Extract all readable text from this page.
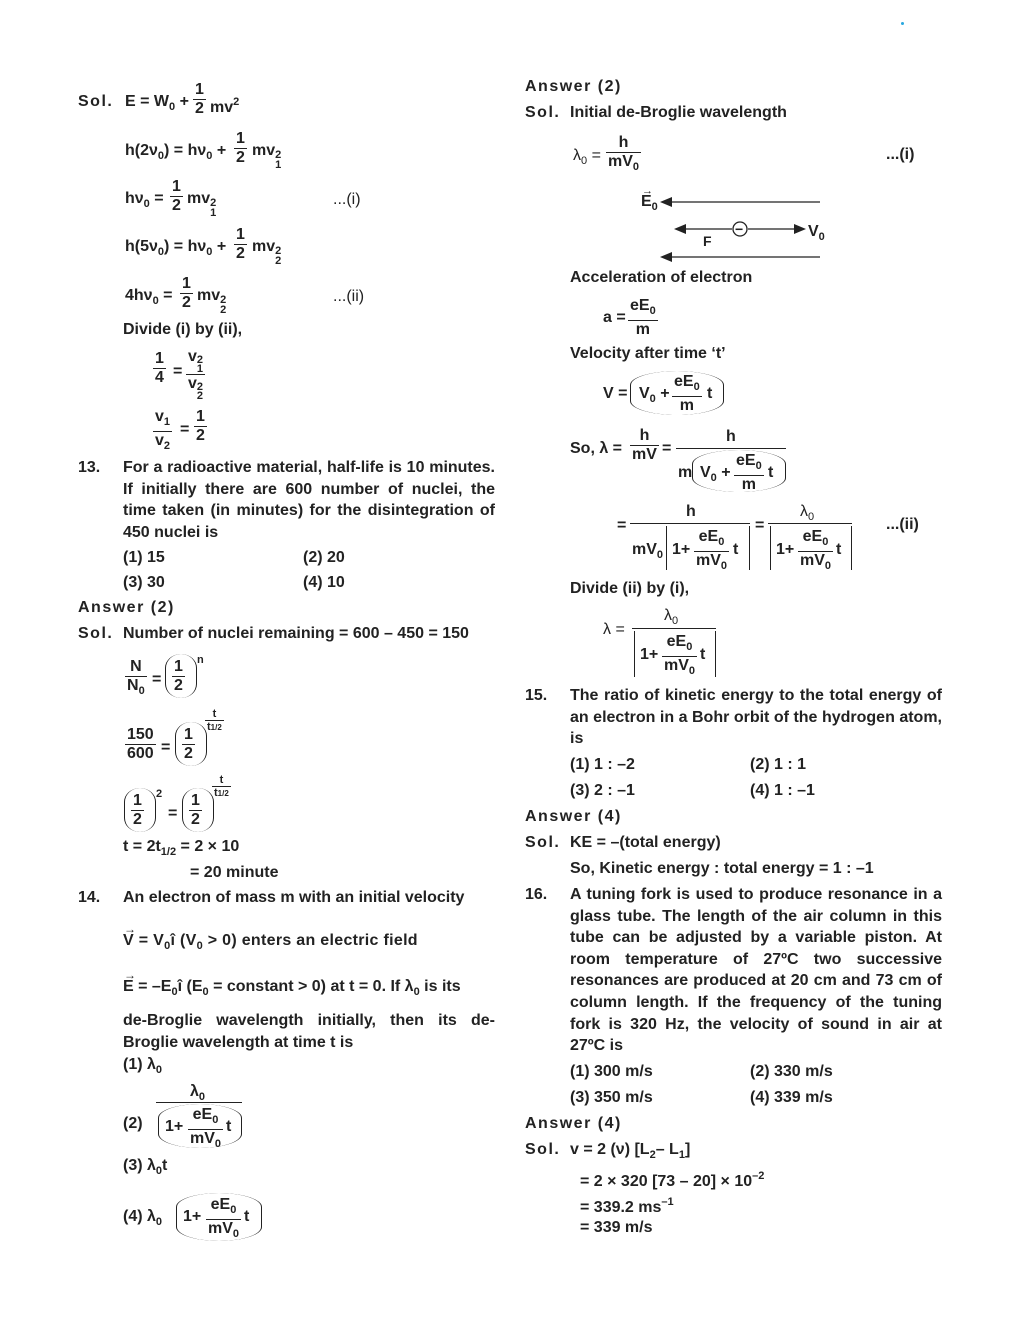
Sol. $E = W_0$ +
1
2 $mv^2$
$h(2\nu_0) = h\nu_0$ +
1
2 mv 2
1
$h\nu_0$ =
1
2 mv 2
1
...(i)
$h(5\nu_0) = h\nu_0$ +
1
2 mv 2
2
$4h\nu_0$ =
1
2 mv 2
2
...(ii)
Divide (i) by (ii),
1
4 =
v 2
1
v 2
2
$v_1$
$v_2$
=
1
2
13. For a radioactive material, half-life is 10 minutes. If initially there are 600 number of nuclei, the time taken (in minutes) for the disintegration of 450 nuclei is
(1) 15	(2) 20
(3) 30	(4) 10
Answer (2)
Sol. Number of nuclei remaining = 600 – 450 = 150
N
$N_0$
=
1
2
n
150
600 =
1
2
t
t1/2
1
2
2
=
1
2
t
t1/2
$t = 2t_{1/2} = 2 \times 10$
= 20 minute
14. An electron of mass m with an initial velocity
→
$V = V_0î$ $(V_0 > 0)$ enters an electric field
→
$E = -E_0î$ ($E_0$ = constant > 0) at t = 0. If $\lambda_0$ is its
de-Broglie wavelength initially, then its de-Broglie wavelength at time t is
(1) $\lambda_0$
(2)
$\lambda_0$
1+
$eE_0$
$mV_0$
t
(3) $\lambda_0t$
(4) $\lambda_0$ 1+
$eE_0$
$mV_0$
t
Answer (2)
Sol. Initial de-Broglie wavelength
$\lambda_0$ =
h
$mV_0$
...(i)
→
$E_0$
F
−	$V_0$
Acceleration of electron
a =
$eE_0$
m
Velocity after time ‘t’
$V = V_0$ +
$eE_0$
m
t
So, λ =
h
mV =
h
m $V_0$ +
$eE_0$
m
t
=
h
$mV_0$ 1+
$eE_0$
$mV_0$
t
=
$\lambda_0$
1+
$eE_0$
$mV_0$
t
...(ii)
Divide (ii) by (i),
λ =
$\lambda_0$
1+
$eE_0$
$mV_0$
t
15. The ratio of kinetic energy to the total energy of an electron in a Bohr orbit of the hydrogen atom, is
(1) 1 : –2	(2) 1 : 1
(3) 2 : –1	(4) 1 : –1
Answer (4)
Sol. KE = –(total energy)
So, Kinetic energy : total energy = 1 : –1
16. A tuning fork is used to produce resonance in a glass tube. The length of the air column in this tube can be adjusted by a variable piston. At room temperature of 27ºC two successive resonances are produced at 20 cm and 73 cm of column length. If the frequency of the tuning fork is 320 Hz, the velocity of sound in air at 27ºC is
(1) 300 m/s	(2) 330 m/s
(3) 350 m/s	(4) 339 m/s
Answer (4)
Sol. v = 2 (ν) [$L_2-$ $L_1$]
= 2 × 320 $[73 - 20] \times 10^{-2}$
= 339.2 $ms^{-1}$
= 339 m/s
